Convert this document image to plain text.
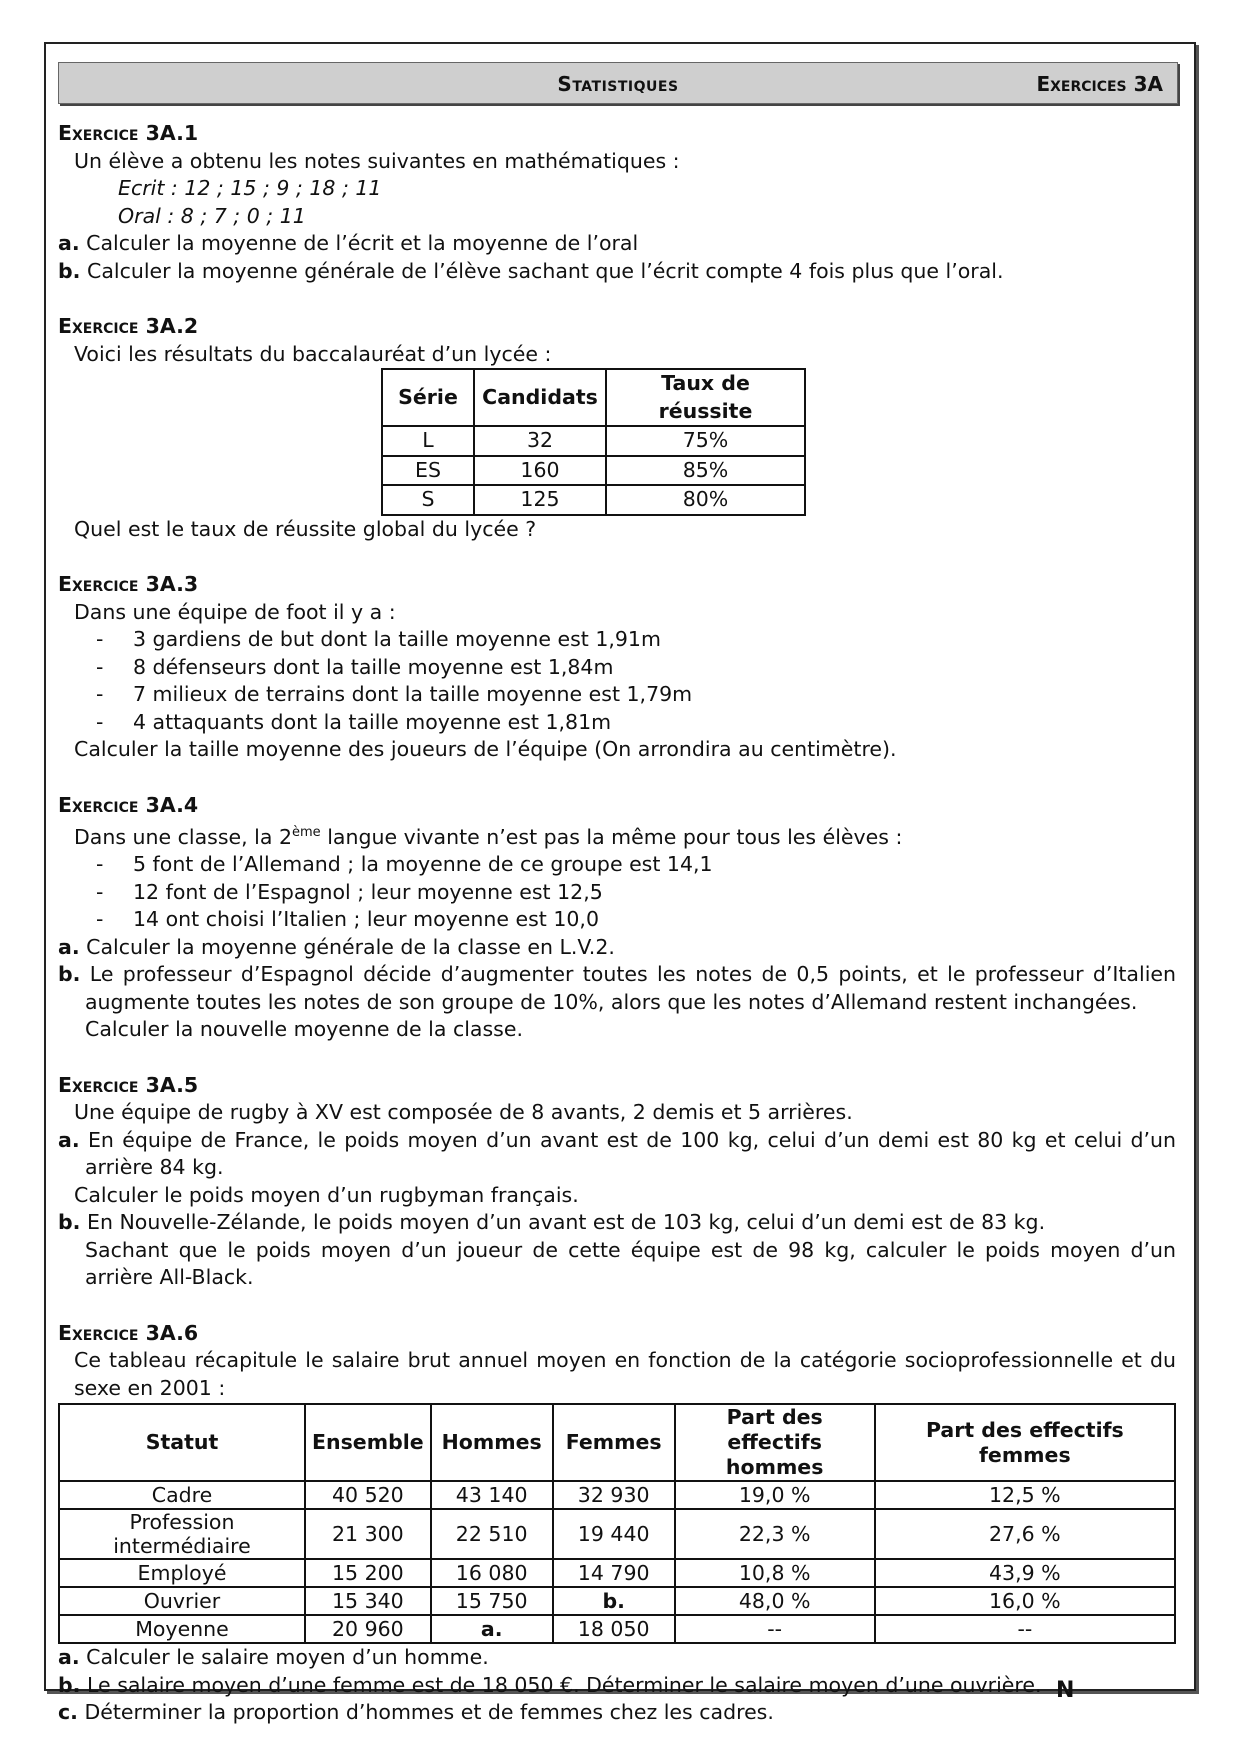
Statistiques	Exercices 3A
Exercice 3A.1

Un élève a obtenu les notes suivantes en mathématiques :

Ecrit : 12 ; 15 ; 9 ; 18 ; 11

Oral : 8 ; 7 ; 0 ; 11

a. Calculer la moyenne de l’écrit et la moyenne de l’oral

b. Calculer la moyenne générale de l’élève sachant que l’écrit compte 4 fois plus que l’oral.

Exercice 3A.2

Voici les résultats du baccalauréat d’un lycée :

Série	Candidats	Taux de réussite
L	32	75%
ES	160	85%
S	125	80%

Quel est le taux de réussite global du lycée ?

Exercice 3A.3

Dans une équipe de foot il y a :

- 3 gardiens de but dont la taille moyenne est 1,91m

- 8 défenseurs dont la taille moyenne est 1,84m

- 7 milieux de terrains dont la taille moyenne est 1,79m

- 4 attaquants dont la taille moyenne est 1,81m

Calculer la taille moyenne des joueurs de l’équipe (On arrondira au centimètre).

Exercice 3A.4

Dans une classe, la 2ème langue vivante n’est pas la même pour tous les élèves :

- 5 font de l’Allemand ; la moyenne de ce groupe est 14,1

- 12 font de l’Espagnol ; leur moyenne est 12,5

- 14 ont choisi l’Italien ; leur moyenne est 10,0

a. Calculer la moyenne générale de la classe en L.V.2.

b. Le professeur d’Espagnol décide d’augmenter toutes les notes de 0,5 points, et le professeur d’Italien augmente toutes les notes de son groupe de 10%, alors que les notes d’Allemand restent inchangées.

Calculer la nouvelle moyenne de la classe.

Exercice 3A.5

Une équipe de rugby à XV est composée de 8 avants, 2 demis et 5 arrières.

a. En équipe de France, le poids moyen d’un avant est de 100 kg, celui d’un demi est 80 kg et celui d’un arrière 84 kg.

Calculer le poids moyen d’un rugbyman français.

b. En Nouvelle-Zélande, le poids moyen d’un avant est de 103 kg, celui d’un demi est de 83 kg.

Sachant que le poids moyen d’un joueur de cette équipe est de 98 kg, calculer le poids moyen d’un arrière All-Black.

Exercice 3A.6

Ce tableau récapitule le salaire brut annuel moyen en fonction de la catégorie socioprofessionnelle et du sexe en 2001 :

Statut	Ensemble	Hommes	Femmes	Part des effectifs hommes	Part des effectifs femmes
Cadre	40 520	43 140	32 930	19,0 %	12,5 %
Profession intermédiaire	21 300	22 510	19 440	22,3 %	27,6 %
Employé	15 200	16 080	14 790	10,8 %	43,9 %
Ouvrier	15 340	15 750	b.	48,0 %	16,0 %
Moyenne	20 960	a.	18 050	--	--

a. Calculer le salaire moyen d’un homme.

b. Le salaire moyen d’une femme est de 18 050 €. Déterminer le salaire moyen d’une ouvrière.

c. Déterminer la proportion d’hommes et de femmes chez les cadres.

N
